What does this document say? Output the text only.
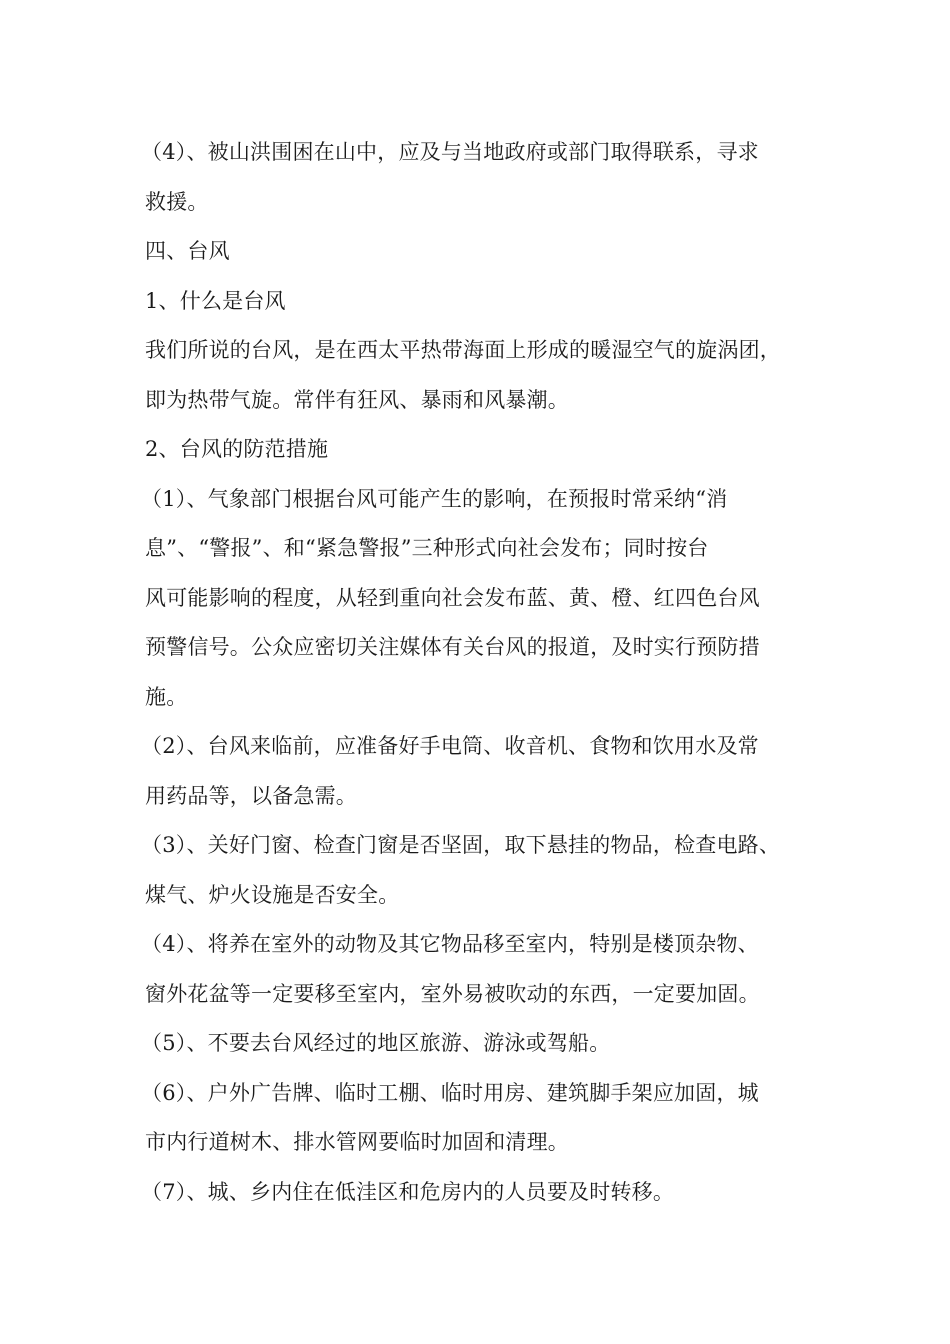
（4）、被山洪围困在山中，应及与当地政府或部门取得联系，寻求
救援。
四、台风
1、什么是台风
我们所说的台风，是在西太平热带海面上形成的暖湿空气的旋涡团，
即为热带气旋。常伴有狂风、暴雨和风暴潮。
2、台风的防范措施
（1）、气象部门根据台风可能产生的影响，在预报时常采纳“消
息”、“警报”、和“紧急警报”三种形式向社会发布；同时按台
风可能影响的程度，从轻到重向社会发布蓝、黄、橙、红四色台风
预警信号。公众应密切关注媒体有关台风的报道，及时实行预防措
施。
（2）、台风来临前，应准备好手电筒、收音机、食物和饮用水及常
用药品等，以备急需。
（3）、关好门窗、检查门窗是否坚固，取下悬挂的物品，检查电路、
煤气、炉火设施是否安全。
（4）、将养在室外的动物及其它物品移至室内，特别是楼顶杂物、
窗外花盆等一定要移至室内，室外易被吹动的东西，一定要加固。
（5）、不要去台风经过的地区旅游、游泳或驾船。
（6）、户外广告牌、临时工棚、临时用房、建筑脚手架应加固，城
市内行道树木、排水管网要临时加固和清理。
（7）、城、乡内住在低洼区和危房内的人员要及时转移。
